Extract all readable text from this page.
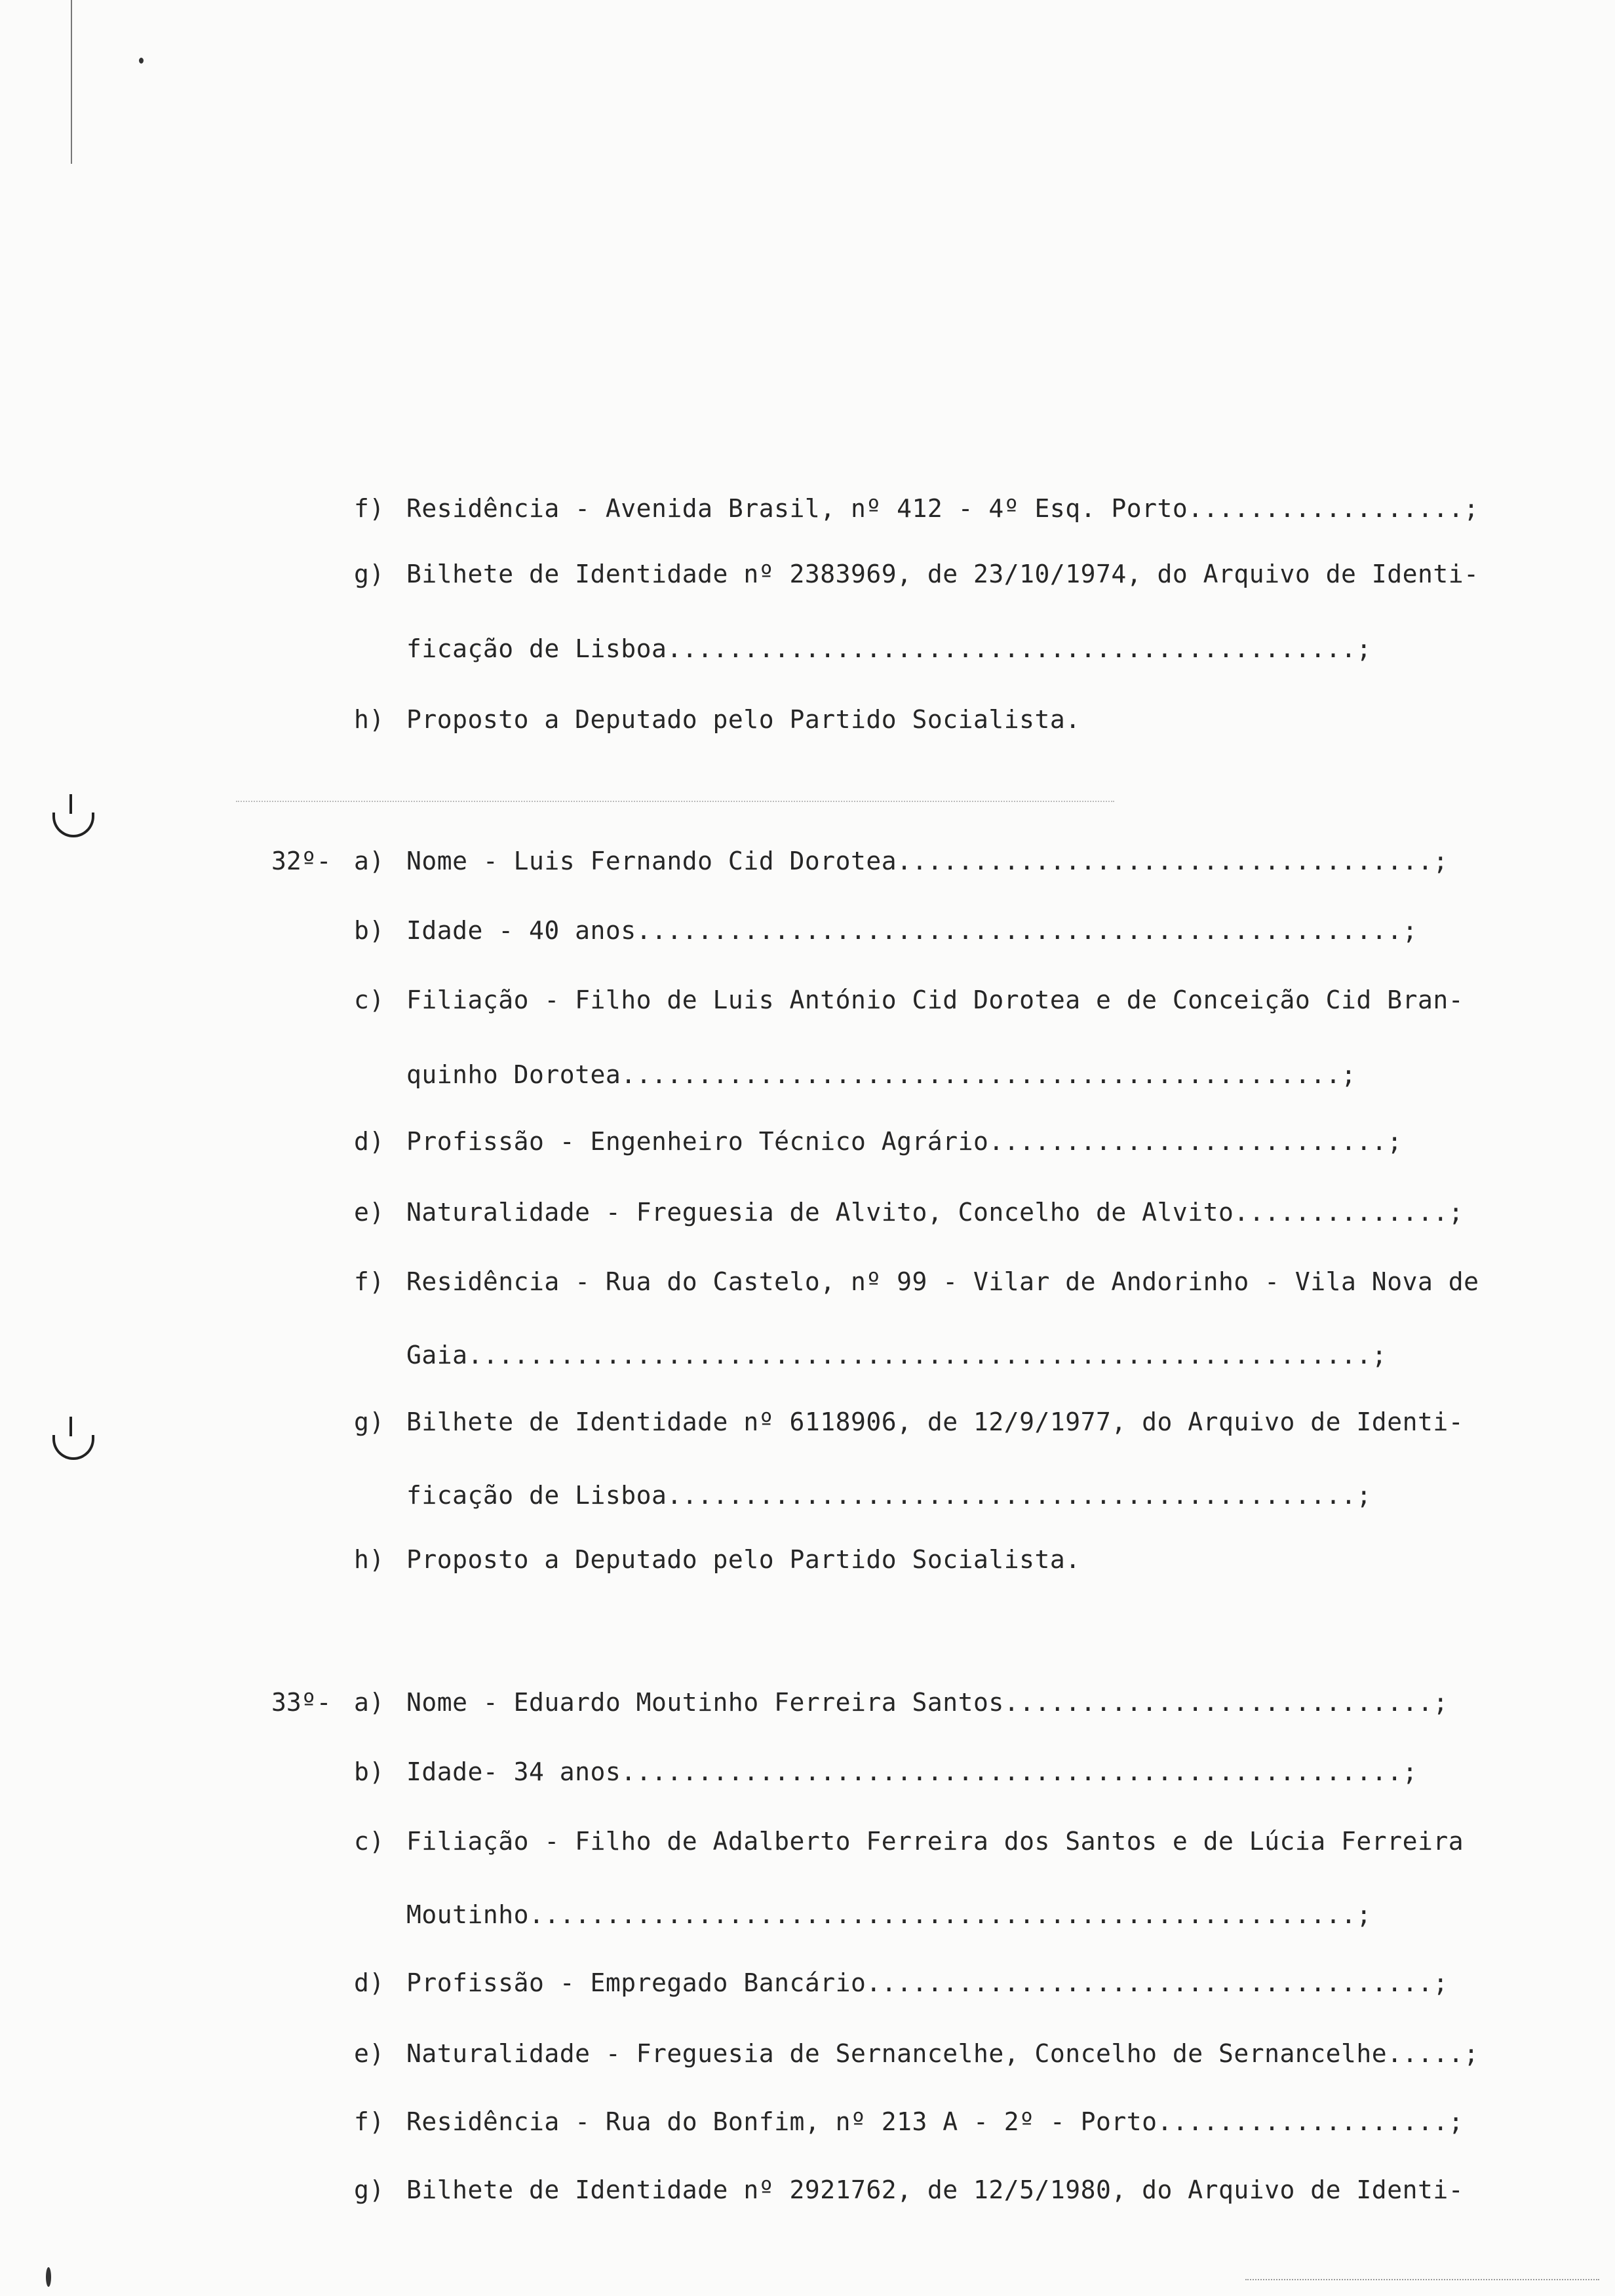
f) Residência - Avenida Brasil, nº 412 - 4º Esq. Porto..................;
g) Bilhete de Identidade nº 2383969, de 23/10/1974, do Arquivo de Identi-
ficação de Lisboa.............................................;
h) Proposto a Deputado pelo Partido Socialista.
32º- a) Nome - Luis Fernando Cid Dorotea...................................;
b) Idade - 40 anos..................................................;
c) Filiação - Filho de Luis António Cid Dorotea e de Conceição Cid Bran-
quinho Dorotea...............................................;
d) Profissão - Engenheiro Técnico Agrário..........................;
e) Naturalidade - Freguesia de Alvito, Concelho de Alvito..............;
f) Residência - Rua do Castelo, nº 99 - Vilar de Andorinho - Vila Nova de
Gaia...........................................................;
g) Bilhete de Identidade nº 6118906, de 12/9/1977, do Arquivo de Identi-
ficação de Lisboa.............................................;
h) Proposto a Deputado pelo Partido Socialista.
33º- a) Nome - Eduardo Moutinho Ferreira Santos............................;
b) Idade- 34 anos...................................................;
c) Filiação - Filho de Adalberto Ferreira dos Santos e de Lúcia Ferreira
Moutinho......................................................;
d) Profissão - Empregado Bancário.....................................;
e) Naturalidade - Freguesia de Sernancelhe, Concelho de Sernancelhe.....;
f) Residência - Rua do Bonfim, nº 213 A - 2º - Porto...................;
g) Bilhete de Identidade nº 2921762, de 12/5/1980, do Arquivo de Identi-
